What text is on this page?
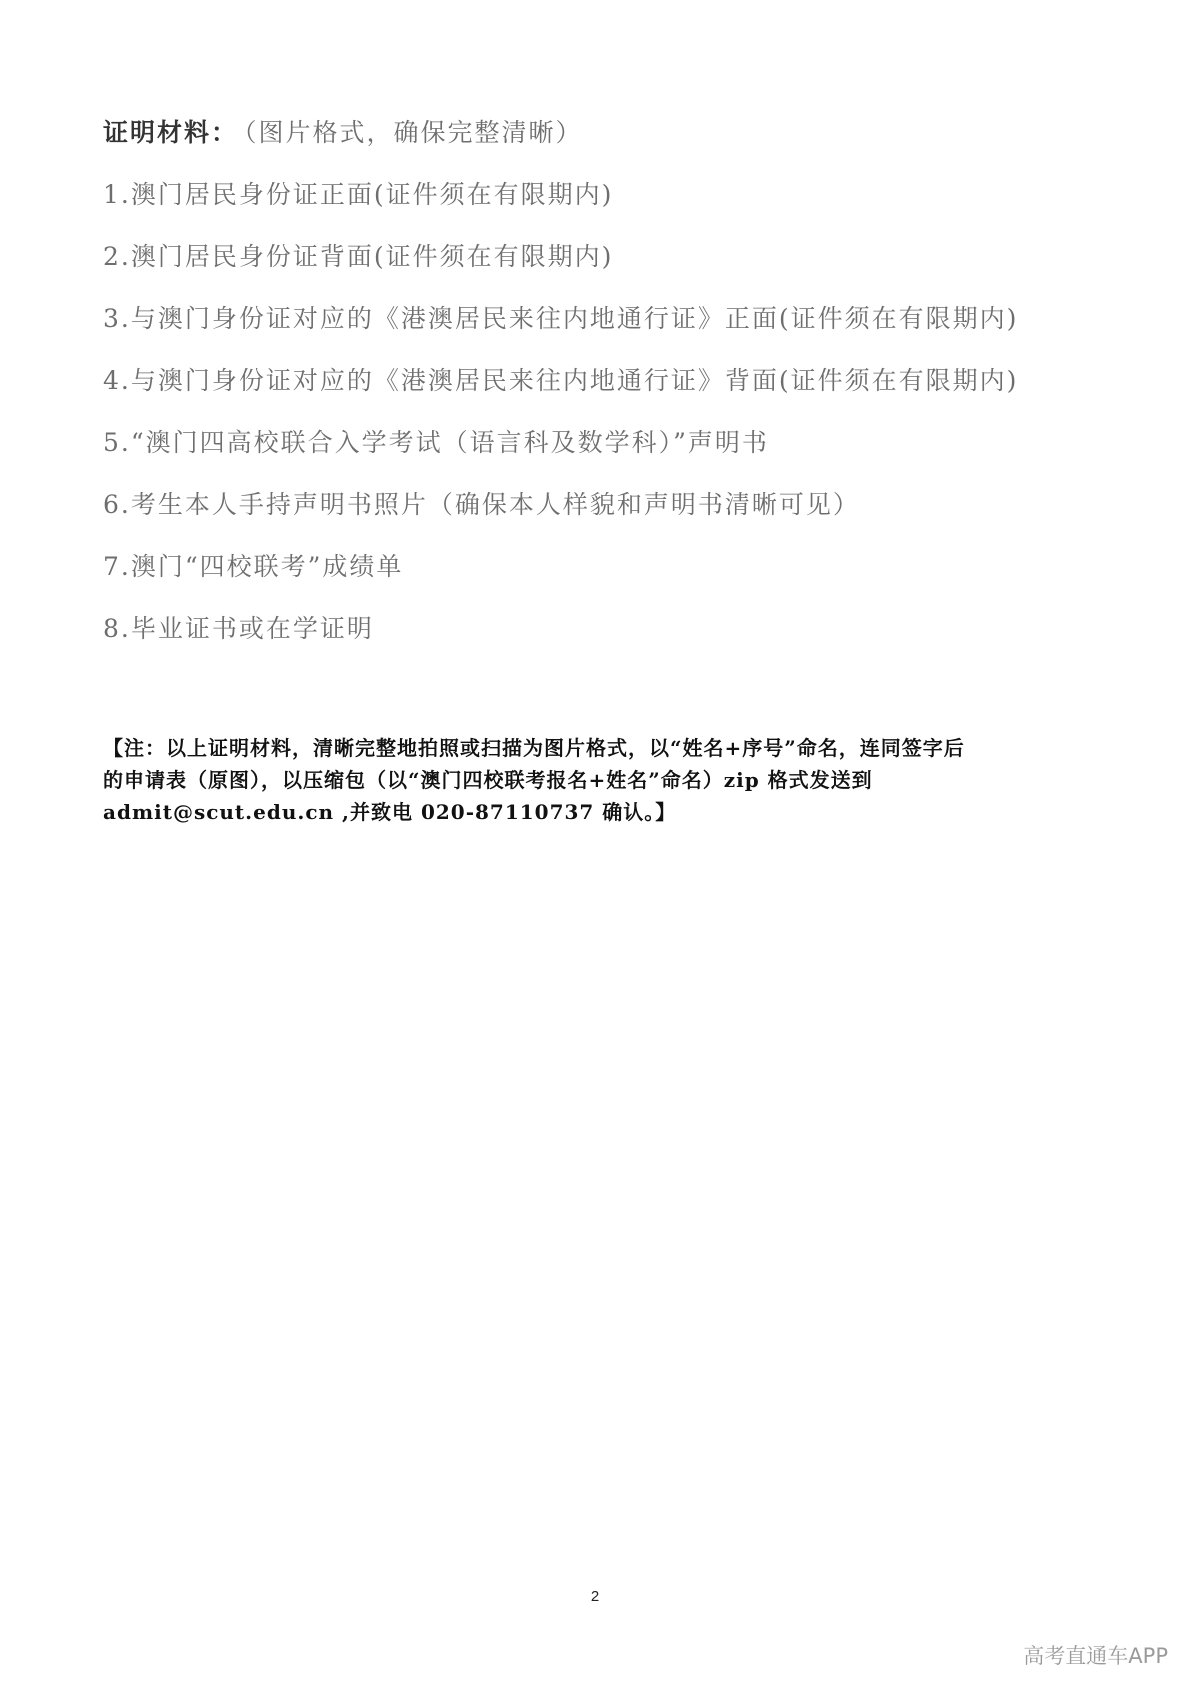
证明材料： （图片格式，确保完整清晰）
1.澳门居民身份证正面(证件须在有限期内)
2.澳门居民身份证背面(证件须在有限期内)
3.与澳门身份证对应的《港澳居民来往内地通行证》正面(证件须在有限期内)
4.与澳门身份证对应的《港澳居民来往内地通行证》背面(证件须在有限期内)
5.“澳门四高校联合入学考试（语言科及数学科）”声明书
6.考生本人手持声明书照片（确保本人样貌和声明书清晰可见）
7.澳门“四校联考”成绩单
8.毕业证书或在学证明

【注：以上证明材料，清晰完整地拍照或扫描为图片格式，以“姓名+序号”命名，连同签字后

的申请表（原图），以压缩包（以“澳门四校联考报名+姓名”命名）zip 格式发送到

admit@scut.edu.cn ,并致电 020-87110737 确认。】

2
高考直通车APP
